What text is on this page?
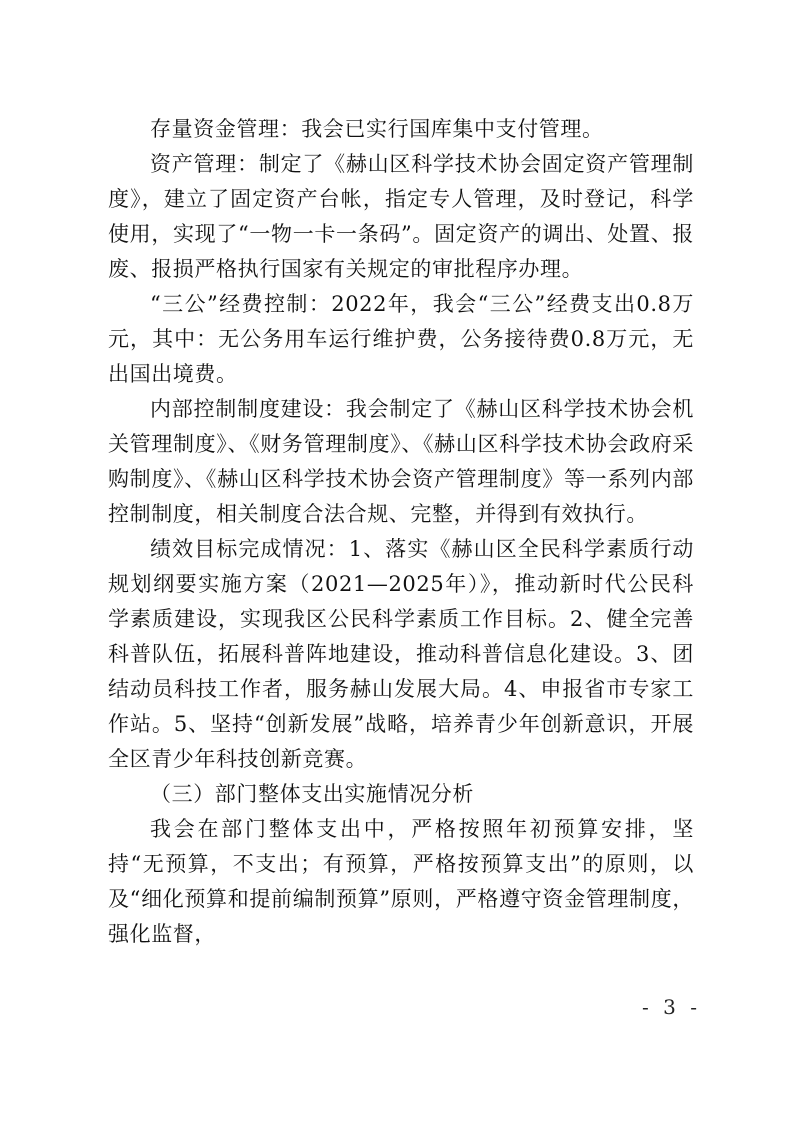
存量资金管理：我会已实行国库集中支付管理。

资产管理：制定了《赫山区科学技术协会固定资产管理制度》，建立了固定资产台帐，指定专人管理，及时登记，科学使用，实现了“一物一卡一条码”。固定资产的调出、处置、报废、报损严格执行国家有关规定的审批程序办理。

“三公”经费控制：2022年，我会“三公”经费支出0.8万元，其中：无公务用车运行维护费，公务接待费0.8万元，无出国出境费。

内部控制制度建设：我会制定了《赫山区科学技术协会机关管理制度》、《财务管理制度》、《赫山区科学技术协会政府采购制度》、《赫山区科学技术协会资产管理制度》等一系列内部控制制度，相关制度合法合规、完整，并得到有效执行。

绩效目标完成情况：1、落实《赫山区全民科学素质行动规划纲要实施方案（2021—2025年）》，推动新时代公民科学素质建设，实现我区公民科学素质工作目标。2、健全完善科普队伍，拓展科普阵地建设，推动科普信息化建设。3、团结动员科技工作者，服务赫山发展大局。4、申报省市专家工作站。5、坚持“创新发展”战略，培养青少年创新意识，开展全区青少年科技创新竞赛。

（三）部门整体支出实施情况分析

我会在部门整体支出中，严格按照年初预算安排，坚持“无预算，不支出；有预算，严格按预算支出”的原则，以及“细化预算和提前编制预算”原则，严格遵守资金管理制度，强化监督，

- 3 -
